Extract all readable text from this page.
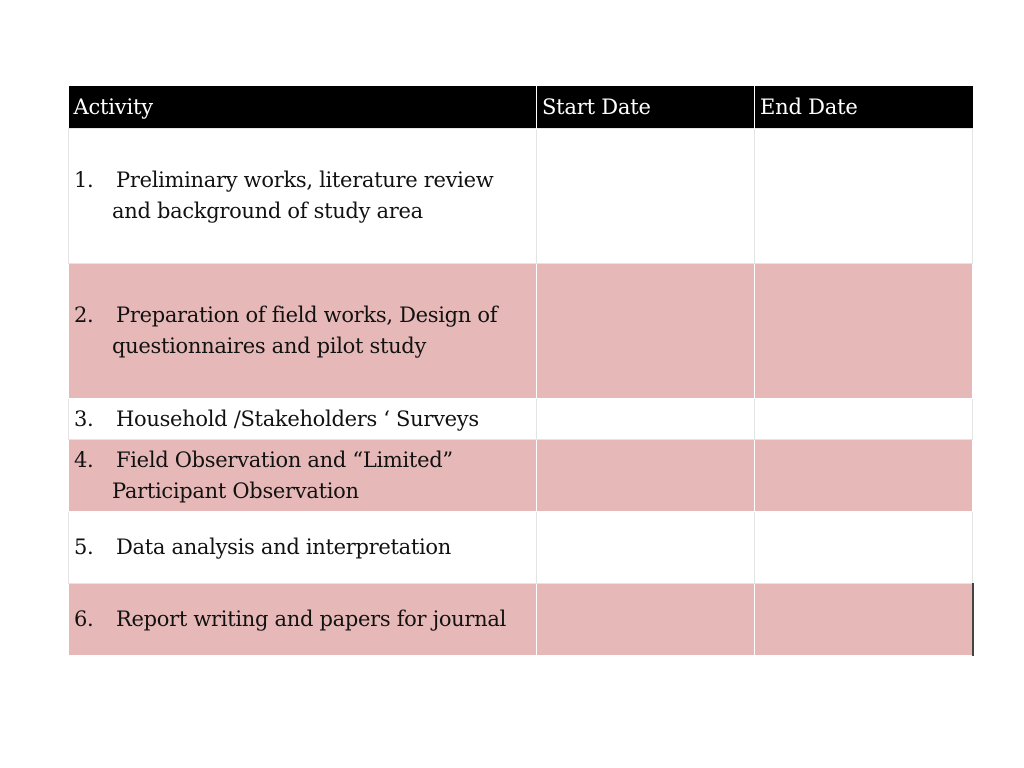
Activity	Start Date	End Date

1. Preliminary works, literature review and background of study area		

2. Preparation of field works, Design of questionnaires and pilot study		

3. Household /Stakeholders ‘ Surveys		

4. Field Observation and “Limited” Participant Observation		

5. Data analysis and interpretation		

6. Report writing and papers for journal		
